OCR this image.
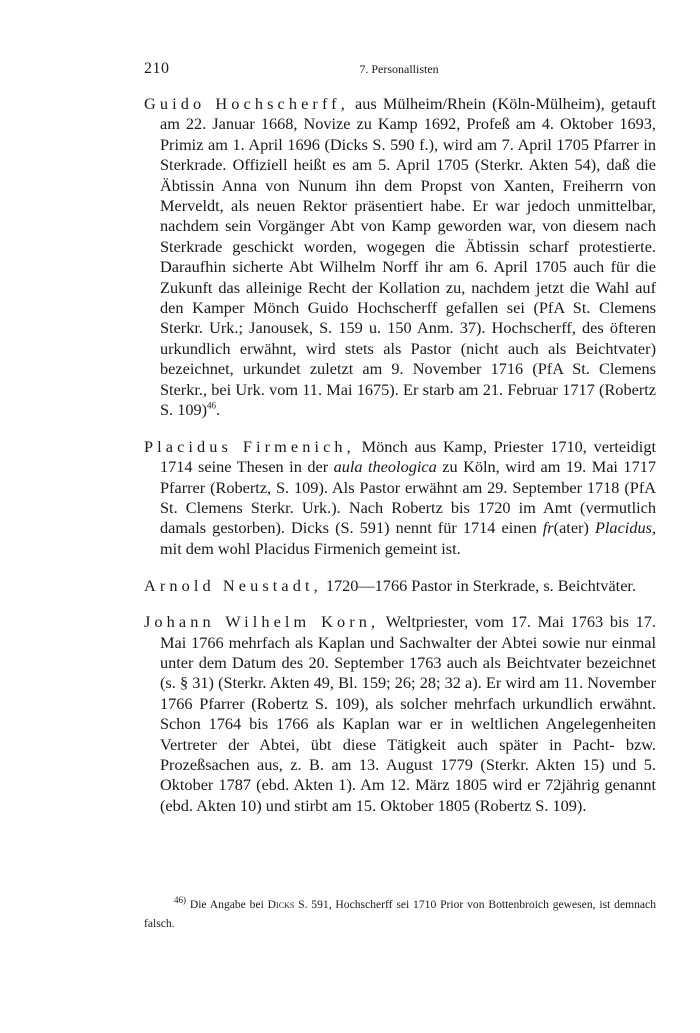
210	7. Personallisten

Guido Hochscherff, aus Mülheim/Rhein (Köln-Mülheim), getauft am 22. Januar 1668, Novize zu Kamp 1692, Profeß am 4. Oktober 1693, Primiz am 1. April 1696 (Dicks S. 590 f.), wird am 7. April 1705 Pfarrer in Sterkrade. Offiziell heißt es am 5. April 1705 (Sterkr. Akten 54), daß die Äbtissin Anna von Nunum ihn dem Propst von Xanten, Freiherrn von Merveldt, als neuen Rektor präsentiert habe. Er war jedoch unmittelbar, nachdem sein Vorgänger Abt von Kamp geworden war, von diesem nach Sterkrade geschickt worden, wogegen die Äbtissin scharf protestierte. Daraufhin sicherte Abt Wilhelm Norff ihr am 6. April 1705 auch für die Zukunft das alleinige Recht der Kollation zu, nachdem jetzt die Wahl auf den Kamper Mönch Guido Hochscherff gefallen sei (PfA St. Clemens Sterkr. Urk.; Janousek, S. 159 u. 150 Anm. 37). Hochscherff, des öfteren urkundlich erwähnt, wird stets als Pastor (nicht auch als Beichtvater) bezeichnet, urkundet zuletzt am 9. November 1716 (PfA St. Clemens Sterkr., bei Urk. vom 11. Mai 1675). Er starb am 21. Februar 1717 (Robertz S. 109)$^{46}$.

Placidus Firmenich, Mönch aus Kamp, Priester 1710, verteidigt 1714 seine Thesen in der aula theologica zu Köln, wird am 19. Mai 1717 Pfarrer (Robertz, S. 109). Als Pastor erwähnt am 29. September 1718 (PfA St. Clemens Sterkr. Urk.). Nach Robertz bis 1720 im Amt (vermutlich damals gestorben). Dicks (S. 591) nennt für 1714 einen fr(ater) Placidus, mit dem wohl Placidus Firmenich gemeint ist.

Arnold Neustadt, 1720—1766 Pastor in Sterkrade, s. Beichtväter.

Johann Wilhelm Korn, Weltpriester, vom 17. Mai 1763 bis 17. Mai 1766 mehrfach als Kaplan und Sachwalter der Abtei sowie nur einmal unter dem Datum des 20. September 1763 auch als Beichtvater bezeichnet (s. § 31) (Sterkr. Akten 49, Bl. 159; 26; 28; 32 a). Er wird am 11. November 1766 Pfarrer (Robertz S. 109), als solcher mehrfach urkundlich erwähnt. Schon 1764 bis 1766 als Kaplan war er in weltlichen Angelegenheiten Vertreter der Abtei, übt diese Tätigkeit auch später in Pacht- bzw. Prozeßsachen aus, z. B. am 13. August 1779 (Sterkr. Akten 15) und 5. Oktober 1787 (ebd. Akten 1). Am 12. März 1805 wird er 72jährig genannt (ebd. Akten 10) und stirbt am 15. Oktober 1805 (Robertz S. 109).

$^{46)}$ Die Angabe bei Dicks S. 591, Hochscherff sei 1710 Prior von Bottenbroich gewesen, ist demnach falsch.
